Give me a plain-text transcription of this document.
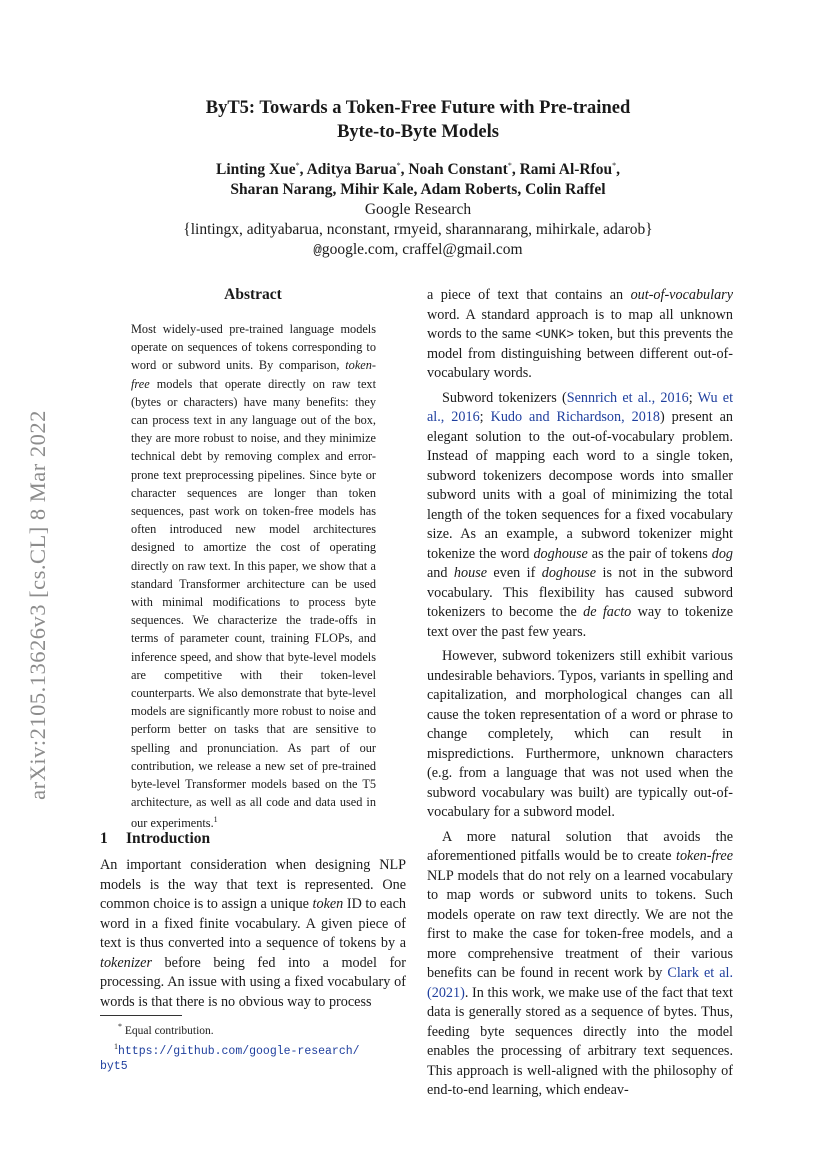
arXiv:2105.13626v3 [cs.CL] 8 Mar 2022
ByT5: Towards a Token-Free Future with Pre-trained
Byte-to-Byte Models
Linting Xue*, Aditya Barua*, Noah Constant*, Rami Al-Rfou*,
Sharan Narang, Mihir Kale, Adam Roberts, Colin Raffel
Google Research
{lintingx, adityabarua, nconstant, rmyeid, sharannarang, mihirkale, adarob}
@google.com, craffel@gmail.com
Abstract

Most widely-used pre-trained language models operate on sequences of tokens corresponding to word or subword units. By comparison, token-free models that operate directly on raw text (bytes or characters) have many benefits: they can process text in any language out of the box, they are more robust to noise, and they minimize technical debt by removing complex and error-prone text preprocessing pipelines. Since byte or character sequences are longer than token sequences, past work on token-free models has often introduced new model architectures designed to amortize the cost of operating directly on raw text. In this paper, we show that a standard Transformer architecture can be used with minimal modifications to process byte sequences. We characterize the trade-offs in terms of parameter count, training FLOPs, and inference speed, and show that byte-level models are competitive with their token-level counterparts. We also demonstrate that byte-level models are significantly more robust to noise and perform better on tasks that are sensitive to spelling and pronunciation. As part of our contribution, we release a new set of pre-trained byte-level Transformer models based on the T5 architecture, as well as all code and data used in our experiments.$^1$

1 Introduction

An important consideration when designing NLP models is the way that text is represented. One common choice is to assign a unique token ID to each word in a fixed finite vocabulary. A given piece of text is thus converted into a sequence of tokens by a tokenizer before being fed into a model for processing. An issue with using a fixed vocabulary of words is that there is no obvious way to process

* Equal contribution.
$^1$https://github.com/google-research/
byt5

a piece of text that contains an out-of-vocabulary word. A standard approach is to map all unknown words to the same <UNK> token, but this prevents the model from distinguishing between different out-of-vocabulary words.

Subword tokenizers (Sennrich et al., 2016; Wu et al., 2016; Kudo and Richardson, 2018) present an elegant solution to the out-of-vocabulary problem. Instead of mapping each word to a single token, subword tokenizers decompose words into smaller subword units with a goal of minimizing the total length of the token sequences for a fixed vocabulary size. As an example, a subword tokenizer might tokenize the word doghouse as the pair of tokens dog and house even if doghouse is not in the subword vocabulary. This flexibility has caused subword tokenizers to become the de facto way to tokenize text over the past few years.

However, subword tokenizers still exhibit various undesirable behaviors. Typos, variants in spelling and capitalization, and morphological changes can all cause the token representation of a word or phrase to change completely, which can result in mispredictions. Furthermore, unknown characters (e.g. from a language that was not used when the subword vocabulary was built) are typically out-of-vocabulary for a subword model.

A more natural solution that avoids the aforementioned pitfalls would be to create token-free NLP models that do not rely on a learned vocabulary to map words or subword units to tokens. Such models operate on raw text directly. We are not the first to make the case for token-free models, and a more comprehensive treatment of their various benefits can be found in recent work by Clark et al. (2021). In this work, we make use of the fact that text data is generally stored as a sequence of bytes. Thus, feeding byte sequences directly into the model enables the processing of arbitrary text sequences. This approach is well-aligned with the philosophy of end-to-end learning, which endeav-
